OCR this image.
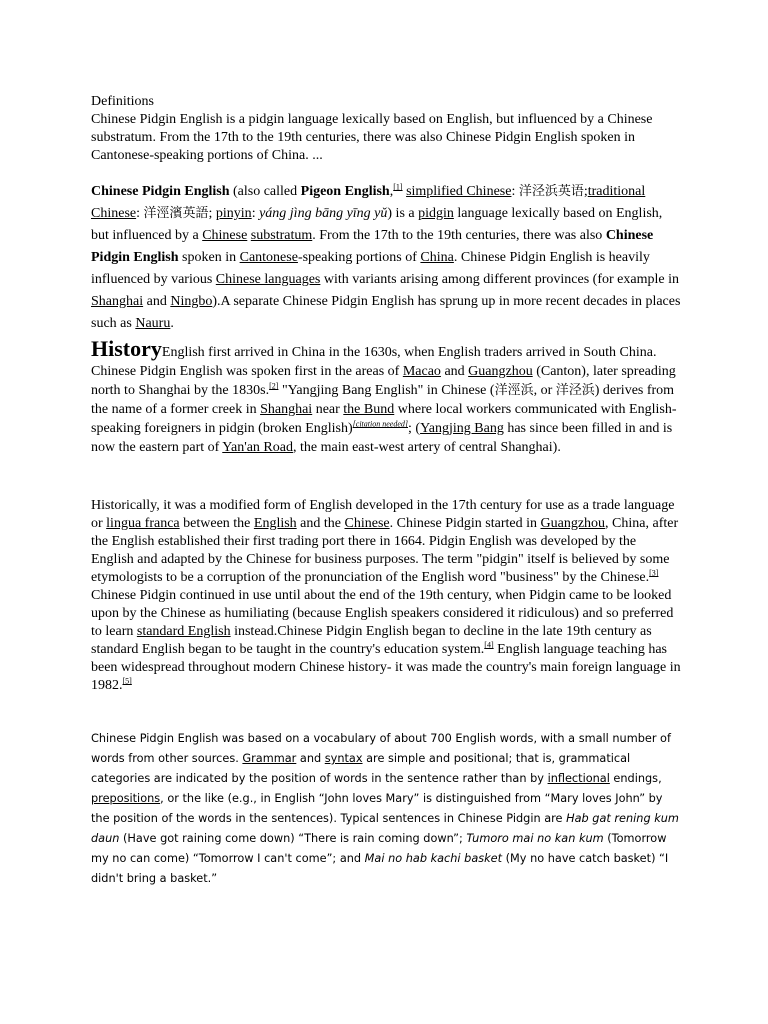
Definitions
Chinese Pidgin English is a pidgin language lexically based on English, but influenced by a Chinese substratum. From the 17th to the 19th centuries, there was also Chinese Pidgin English spoken in Cantonese-speaking portions of China. ...

Chinese Pidgin English (also called Pigeon English,[1] simplified Chinese: 洋泾浜英语;traditional Chinese: 洋涇濱英語; pinyin: yáng jìng bāng yīng yǔ) is a pidgin language lexically based on English, but influenced by a Chinese substratum. From the 17th to the 19th centuries, there was also Chinese Pidgin English spoken in Cantonese-speaking portions of China. Chinese Pidgin English is heavily influenced by various Chinese languages with variants arising among different provinces (for example in Shanghai and Ningbo).A separate Chinese Pidgin English has sprung up in more recent decades in places such as Nauru.

HistoryEnglish first arrived in China in the 1630s, when English traders arrived in South China. Chinese Pidgin English was spoken first in the areas of Macao and Guangzhou (Canton), later spreading north to Shanghai by the 1830s.[2] "Yangjing Bang English" in Chinese (洋涇浜, or 洋泾浜) derives from the name of a former creek in Shanghai near the Bund where local workers communicated with English-speaking foreigners in pidgin (broken English)[citation needed]; (Yangjing Bang has since been filled in and is now the eastern part of Yan'an Road, the main east-west artery of central Shanghai).

Historically, it was a modified form of English developed in the 17th century for use as a trade language or lingua franca between the English and the Chinese. Chinese Pidgin started in Guangzhou, China, after the English established their first trading port there in 1664. Pidgin English was developed by the English and adapted by the Chinese for business purposes. The term "pidgin" itself is believed by some etymologists to be a corruption of the pronunciation of the English word "business" by the Chinese.[3] Chinese Pidgin continued in use until about the end of the 19th century, when Pidgin came to be looked upon by the Chinese as humiliating (because English speakers considered it ridiculous) and so preferred to learn standard English instead.Chinese Pidgin English began to decline in the late 19th century as standard English began to be taught in the country's education system.[4] English language teaching has been widespread throughout modern Chinese history- it was made the country's main foreign language in 1982.[5]

Chinese Pidgin English was based on a vocabulary of about 700 English words, with a small number of words from other sources. Grammar and syntax are simple and positional; that is, grammatical categories are indicated by the position of words in the sentence rather than by inflectional endings, prepositions, or the like (e.g., in English “John loves Mary” is distinguished from “Mary loves John” by the position of the words in the sentences). Typical sentences in Chinese Pidgin are Hab gat rening kum daun (Have got raining come down) “There is rain coming down”; Tumoro mai no kan kum (Tomorrow my no can come) “Tomorrow I can't come”; and Mai no hab kachi basket (My no have catch basket) “I didn't bring a basket.”
